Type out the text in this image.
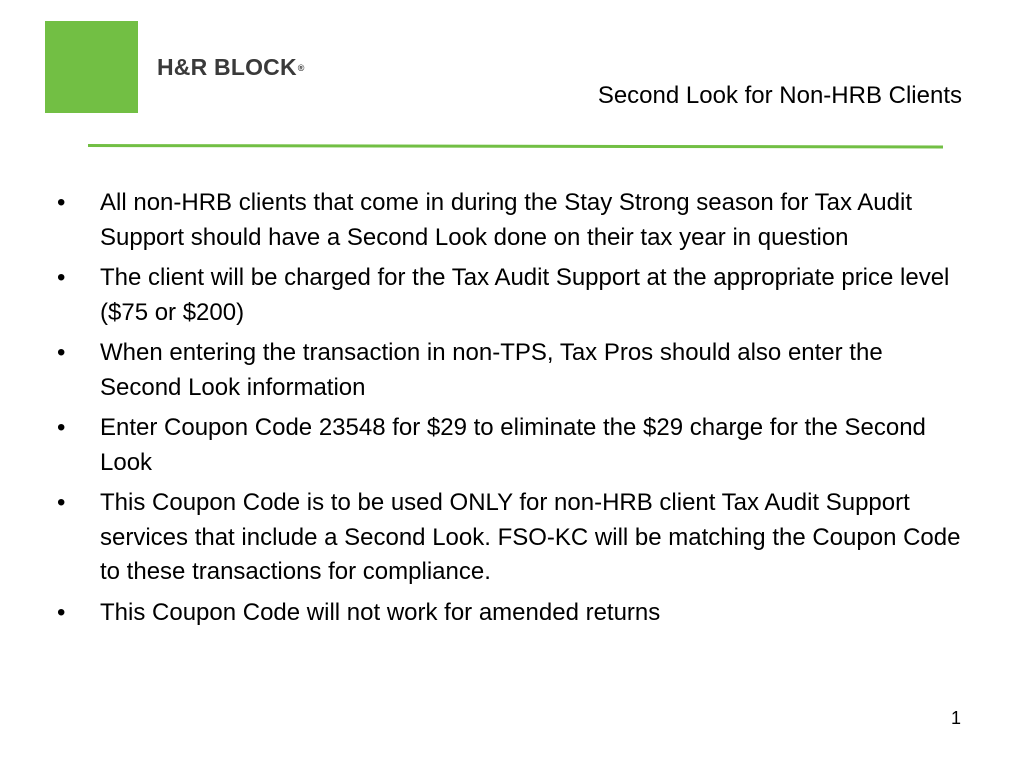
H&R BLOCK®
Second Look for Non-HRB Clients
• All non-HRB clients that come in during the Stay Strong season for Tax Audit Support should have a Second Look done on their tax year in question
• The client will be charged for the Tax Audit Support at the appropriate price level ($75 or $200)
• When entering the transaction in non-TPS, Tax Pros should also enter the Second Look information
• Enter Coupon Code 23548 for $29 to eliminate the $29 charge for the Second Look
• This Coupon Code is to be used ONLY for non-HRB client Tax Audit Support services that include a Second Look. FSO-KC will be matching the Coupon Code to these transactions for compliance.
• This Coupon Code will not work for amended returns
1
